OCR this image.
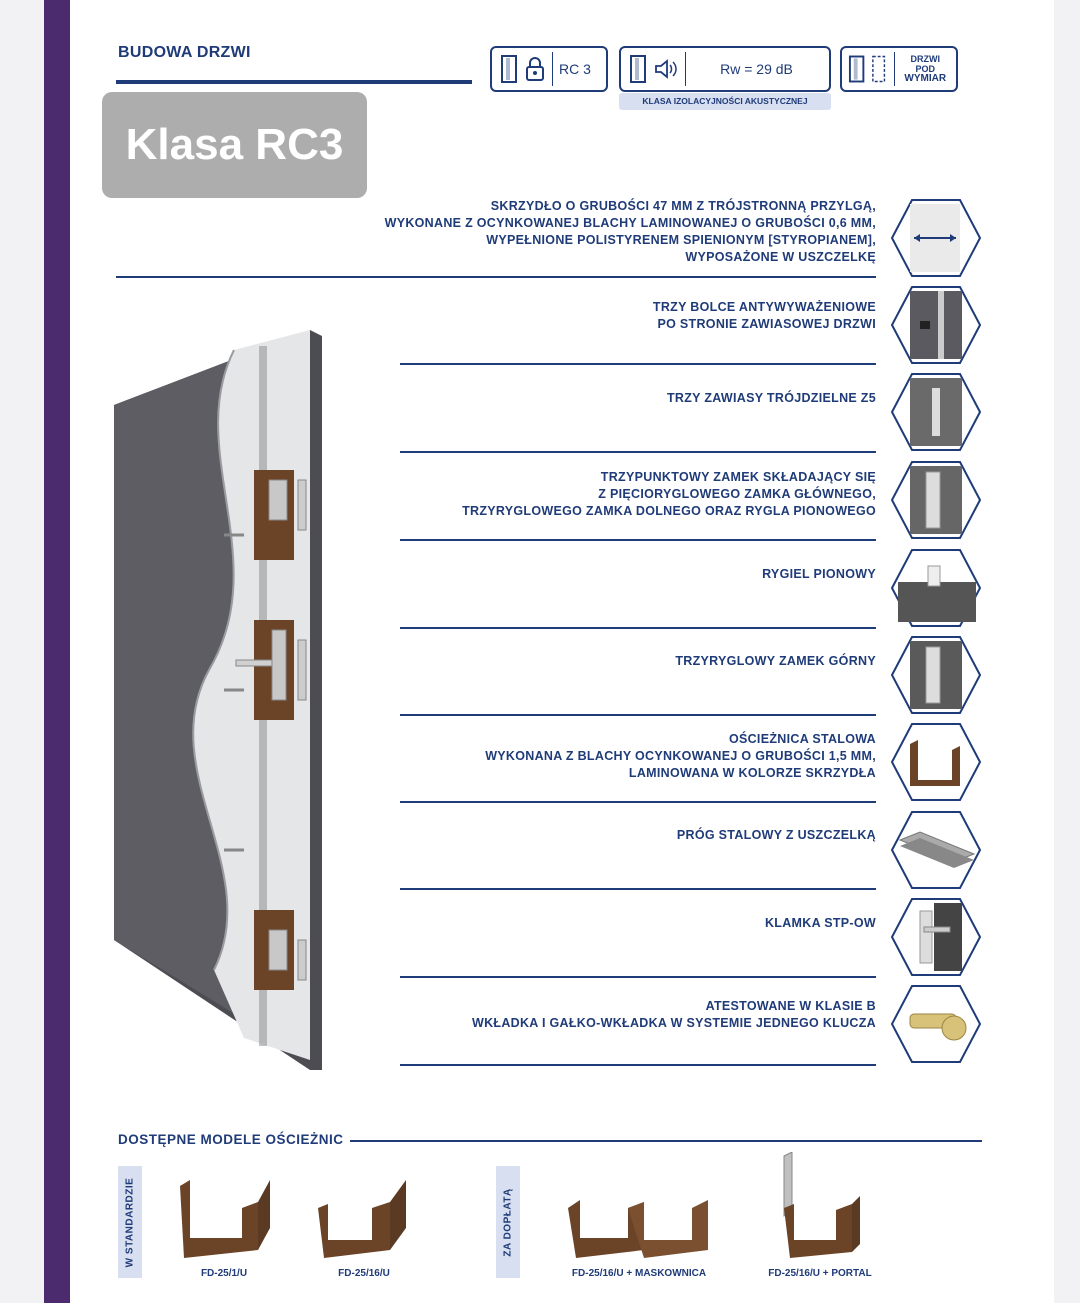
BUDOWA DRZWI
RC 3	Rw = 29 dB
KLASA IZOLACYJNOŚCI AKUSTYCZNEJ
DRZWI POD
WYMIAR
Klasa RC3
SKRZYDŁO O GRUBOŚCI 47 MM Z TRÓJSTRONNĄ PRZYLGĄ,
WYKONANE Z OCYNKOWANEJ BLACHY LAMINOWANEJ O GRUBOŚCI 0,6 MM,
WYPEŁNIONE POLISTYRENEM SPIENIONYM [STYROPIANEM],
WYPOSAŻONE W USZCZELKĘ
TRZY BOLCE ANTYWYWAŻENIOWE
PO STRONIE ZAWIASOWEJ DRZWI
TRZY ZAWIASY TRÓJDZIELNE Z5
TRZYPUNKTOWY ZAMEK SKŁADAJĄCY SIĘ
Z PIĘCIORYGLOWEGO ZAMKA GŁÓWNEGO,
TRZYRYGLOWEGO ZAMKA DOLNEGO ORAZ RYGLA PIONOWEGO
RYGIEL PIONOWY
TRZYRYGLOWY ZAMEK GÓRNY
OŚCIEŻNICA STALOWA
WYKONANA Z BLACHY OCYNKOWANEJ O GRUBOŚCI 1,5 MM,
LAMINOWANA W KOLORZE SKRZYDŁA
PRÓG STALOWY Z USZCZELKĄ
KLAMKA STP-OW
ATESTOWANE W KLASIE B
WKŁADKA I GAŁKO-WKŁADKA W SYSTEMIE JEDNEGO KLUCZA
DOSTĘPNE MODELE OŚCIEŻNIC
W STANDARDZIE	ZA DOPŁATĄ
FD-25/1/U	FD-25/16/U	FD-25/16/U + MASKOWNICA	FD-25/16/U + PORTAL
